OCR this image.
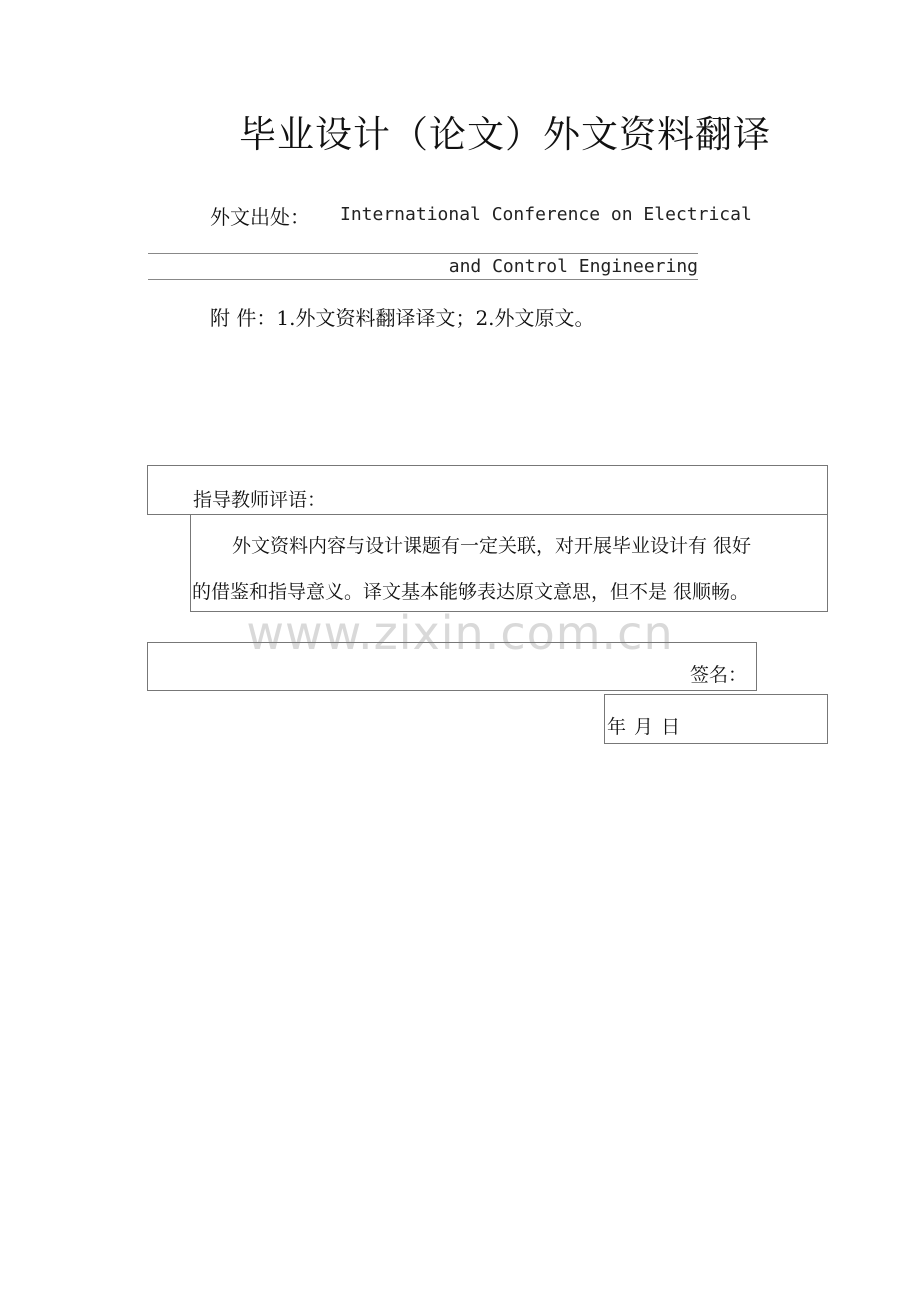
毕业设计（论文）外文资料翻译
外文出处： International Conference on Electrical
and Control Engineering
附 件：1.外文资料翻译译文；2.外文原文。
指导教师评语：

外文资料内容与设计课题有一定关联，对开展毕业设计有 很好

的借鉴和指导意义。译文基本能够表达原文意思，但不是 很顺畅。

www.zixin.com.cn
签名：
年 月 日
